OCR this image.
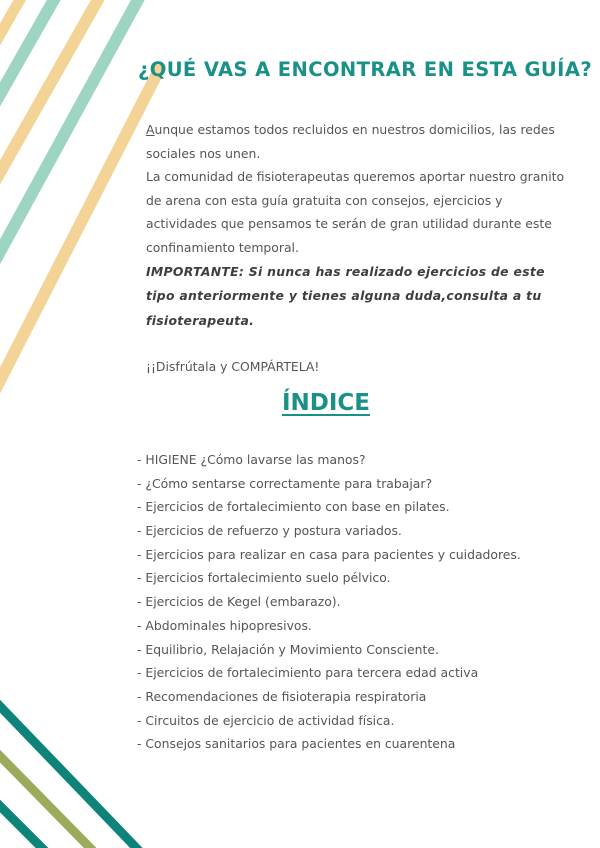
¿QUÉ VAS A ENCONTRAR EN ESTA GUÍA?

Aunque estamos todos recluidos en nuestros domicilios, las redes sociales nos unen.

La comunidad de fisioterapeutas queremos aportar nuestro granito de arena con esta guía gratuita con consejos, ejercicios y actividades que pensamos te serán de gran utilidad durante este confinamiento temporal.

IMPORTANTE: Si nunca has realizado ejercicios de este tipo anteriormente y tienes alguna duda,consulta a tu fisioterapeuta.

¡¡Disfrútala y COMPÁRTELA!

ÍNDICE
- HIGIENE ¿Cómo lavarse las manos?
- ¿Cómo sentarse correctamente para trabajar?
- Ejercicios de fortalecimiento con base en pilates.
- Ejercicios de refuerzo y postura variados.
- Ejercicios para realizar en casa para pacientes y cuidadores.
- Ejercicios fortalecimiento suelo pélvico.
- Ejercicios de Kegel (embarazo).
- Abdominales hipopresivos.
- Equilibrio, Relajación y Movimiento Consciente.
- Ejercicios de fortalecimiento para tercera edad activa
- Recomendaciones de fisioterapia respiratoria
- Circuitos de ejercicio de actividad física.
- Consejos sanitarios para pacientes en cuarentena
